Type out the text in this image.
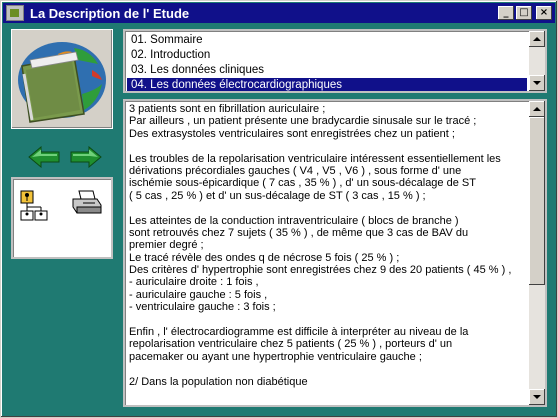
La Description de l' Etude	_	□	×
01. Sommaire
02. Introduction
03. Les données cliniques
04. Les données électrocardiographiques
3 patients sont en fibrillation auriculaire ;
Par ailleurs , un patient présente une bradycardie sinusale sur le tracé ;
Des extrasystoles ventriculaires sont enregistrées chez un patient ;
Les troubles de la repolarisation ventriculaire intéressent essentiellement les
dérivations précordiales gauches ( V4 , V5 , V6 ) , sous forme d' une
ischémie sous-épicardique ( 7 cas , 35 % ) , d' un sous-décalage de ST
( 5 cas , 25 % ) et d' un sus-décalage de ST ( 3 cas , 15 % ) ;
Les atteintes de la conduction intraventriculaire ( blocs de branche )
sont retrouvés chez 7 sujets ( 35 % ) , de même que 3 cas de BAV du
premier degré ;
Le tracé révèle des ondes q de nécrose 5 fois ( 25 % ) ;
Des critères d' hypertrophie sont enregistrées chez 9 des 20 patients ( 45 % ) ,
- auriculaire droite : 1 fois ,
- auriculaire gauche : 5 fois ,
- ventriculaire gauche : 3 fois ;
Enfin , l' électrocardiogramme est difficile à interpréter au niveau de la
repolarisation ventriculaire chez 5 patients ( 25 % ) , porteurs d' un
pacemaker ou ayant une hypertrophie ventriculaire gauche ;
2/ Dans la population non diabétique
